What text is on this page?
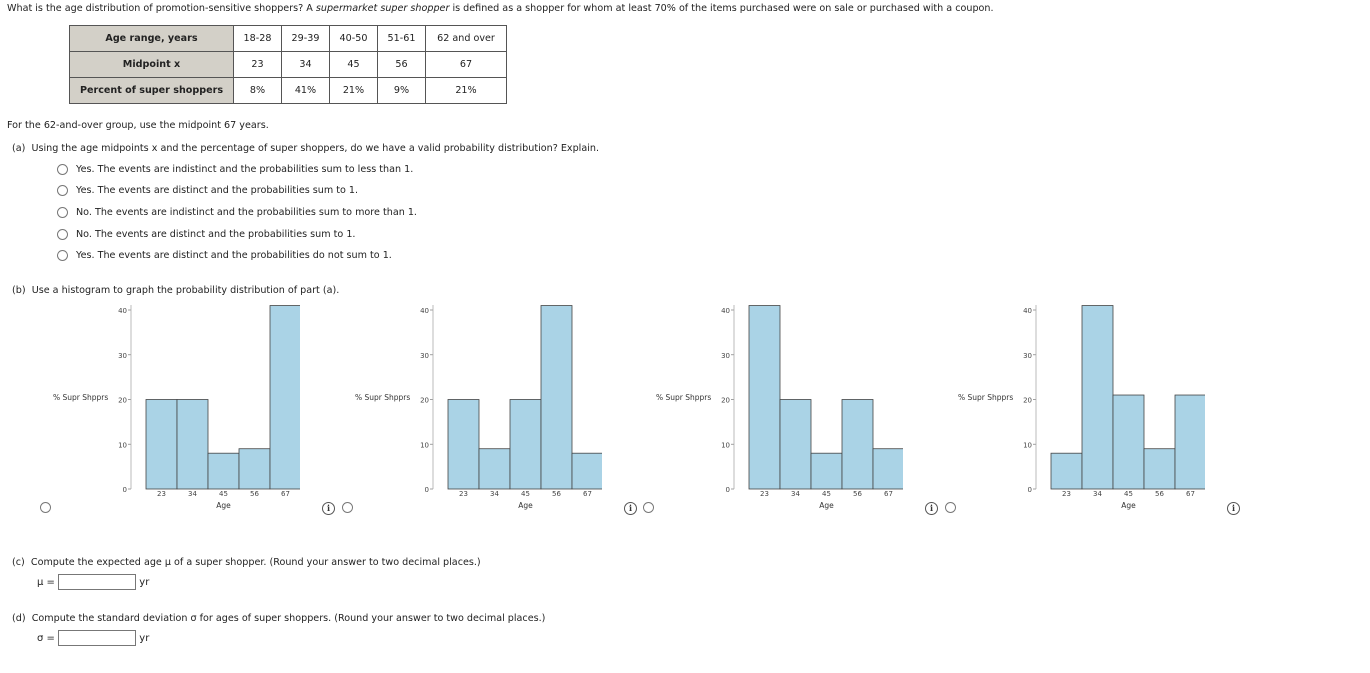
What is the age distribution of promotion-sensitive shoppers? A supermarket super shopper is defined as a shopper for whom at least 70% of the items purchased were on sale or purchased with a coupon.
Age range, years	18-28	29-39	40-50	51-61	62 and over
Midpoint x	23	34	45	56	67
Percent of super shoppers	8%	41%	21%	9%	21%
For the 62-and-over group, use the midpoint 67 years.
(a) Using the age midpoints x and the percentage of super shoppers, do we have a valid probability distribution? Explain.
Yes. The events are indistinct and the probabilities sum to less than 1.
Yes. The events are distinct and the probabilities sum to 1.
No. The events are indistinct and the probabilities sum to more than 1.
No. The events are distinct and the probabilities sum to 1.
Yes. The events are distinct and the probabilities do not sum to 1.
(b) Use a histogram to graph the probability distribution of part (a).
i
% Supr Shpprs
0
10
20
30
40
23	34	45	56	67
Age	i
% Supr Shpprs
0
10
20
30
40
23	34	45	56	67
Age	i
% Supr Shpprs
0
10
20
30
40
23	34	45	56	67
Age	i
% Supr Shpprs
0
10
20
30
40
23	34	45	56	67
Age
(c) Compute the expected age μ of a super shopper. (Round your answer to two decimal places.)
μ =	yr
(d) Compute the standard deviation σ for ages of super shoppers. (Round your answer to two decimal places.)
σ =	yr
